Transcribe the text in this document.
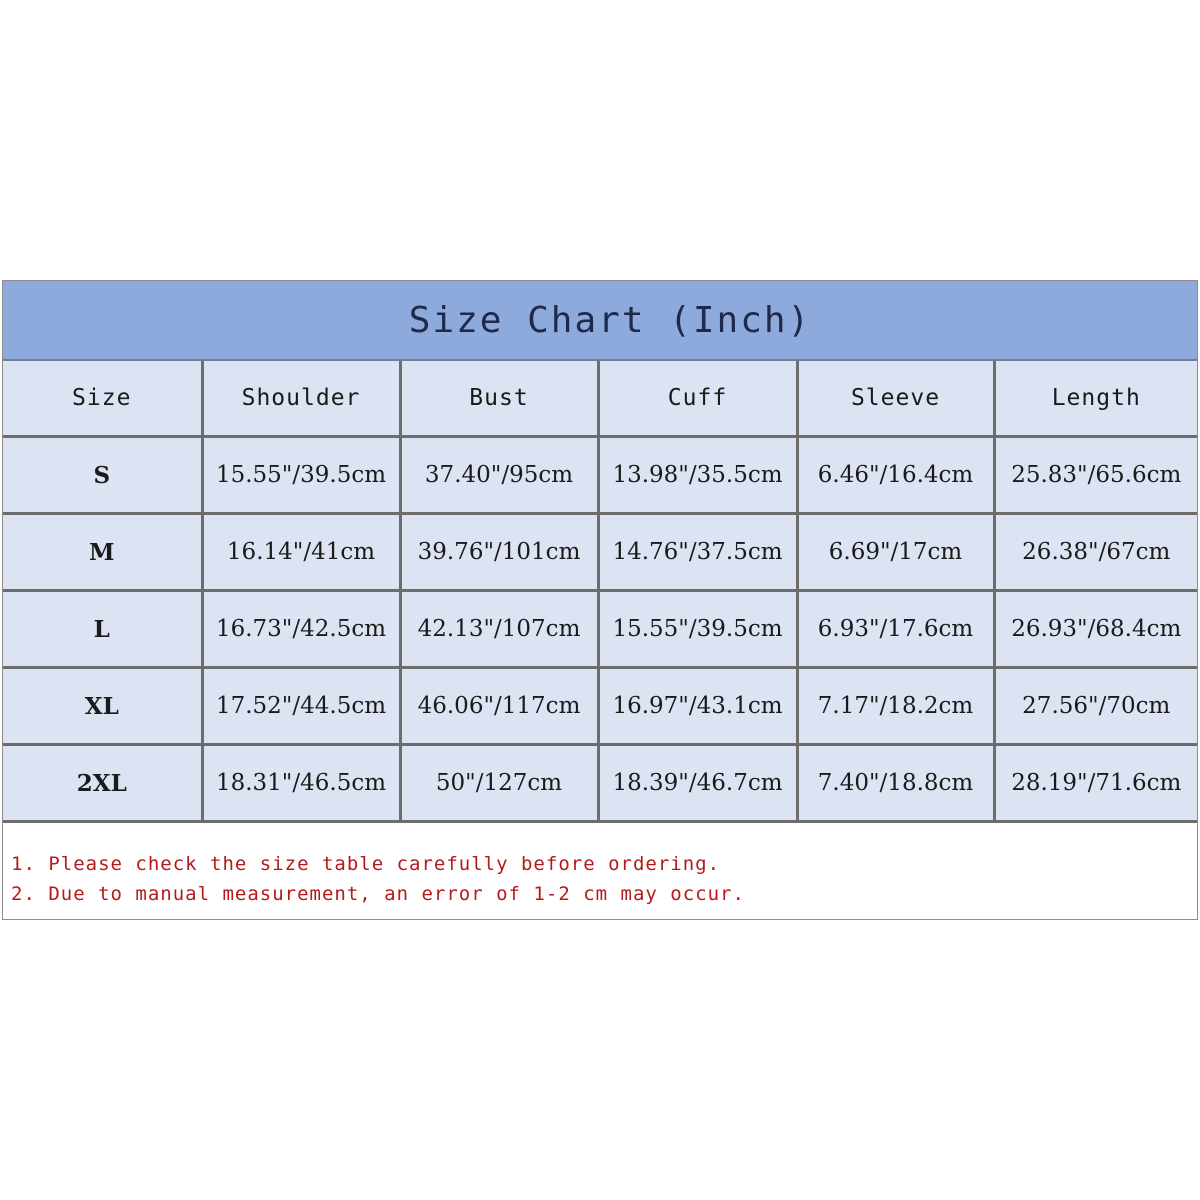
Size Chart (Inch)
Size	Shoulder	Bust	Cuff	Sleeve	Length
S	15.55"/39.5cm	37.40"/95cm	13.98"/35.5cm	6.46"/16.4cm	25.83"/65.6cm
M	16.14"/41cm	39.76"/101cm	14.76"/37.5cm	6.69"/17cm	26.38"/67cm
L	16.73"/42.5cm	42.13"/107cm	15.55"/39.5cm	6.93"/17.6cm	26.93"/68.4cm
XL	17.52"/44.5cm	46.06"/117cm	16.97"/43.1cm	7.17"/18.2cm	27.56"/70cm
2XL	18.31"/46.5cm	50"/127cm	18.39"/46.7cm	7.40"/18.8cm	28.19"/71.6cm
1. Please check the size table carefully before ordering.
2. Due to manual measurement, an error of 1-2 cm may occur.
